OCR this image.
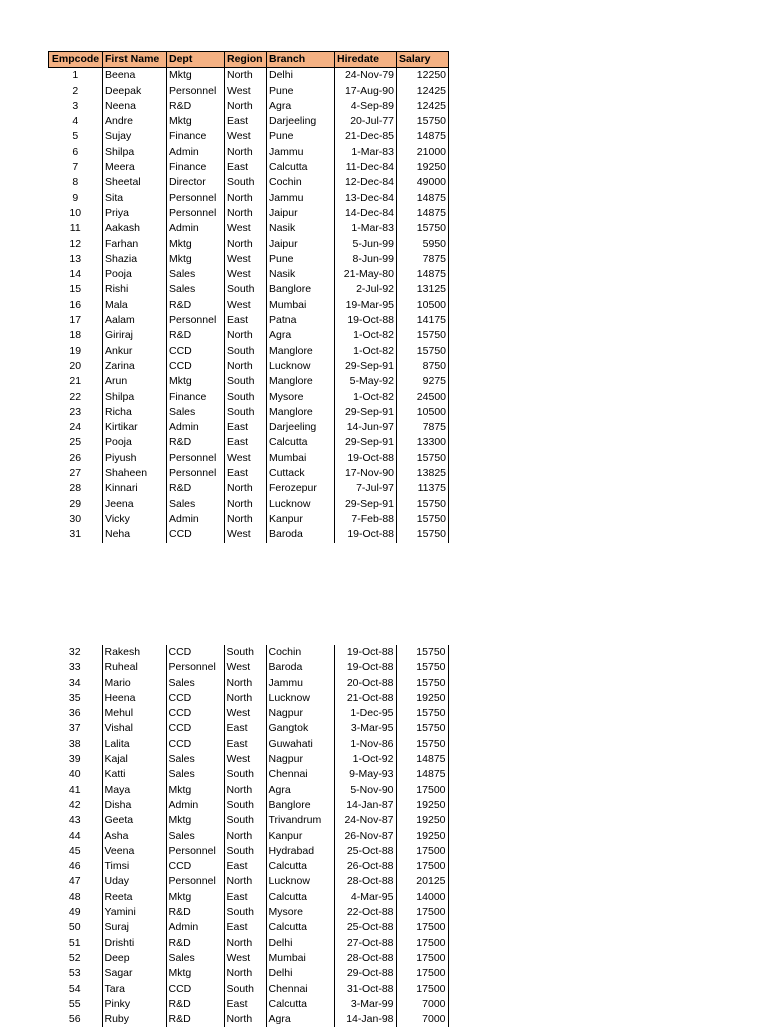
Empcode	First Name	Dept	Region	Branch	Hiredate	Salary
1	Beena	Mktg	North	Delhi	24-Nov-79	12250
2	Deepak	Personnel	West	Pune	17-Aug-90	12425
3	Neena	R&D	North	Agra	4-Sep-89	12425
4	Andre	Mktg	East	Darjeeling	20-Jul-77	15750
5	Sujay	Finance	West	Pune	21-Dec-85	14875
6	Shilpa	Admin	North	Jammu	1-Mar-83	21000
7	Meera	Finance	East	Calcutta	11-Dec-84	19250
8	Sheetal	Director	South	Cochin	12-Dec-84	49000
9	Sita	Personnel	North	Jammu	13-Dec-84	14875
10	Priya	Personnel	North	Jaipur	14-Dec-84	14875
11	Aakash	Admin	West	Nasik	1-Mar-83	15750
12	Farhan	Mktg	North	Jaipur	5-Jun-99	5950
13	Shazia	Mktg	West	Pune	8-Jun-99	7875
14	Pooja	Sales	West	Nasik	21-May-80	14875
15	Rishi	Sales	South	Banglore	2-Jul-92	13125
16	Mala	R&D	West	Mumbai	19-Mar-95	10500
17	Aalam	Personnel	East	Patna	19-Oct-88	14175
18	Giriraj	R&D	North	Agra	1-Oct-82	15750
19	Ankur	CCD	South	Manglore	1-Oct-82	15750
20	Zarina	CCD	North	Lucknow	29-Sep-91	8750
21	Arun	Mktg	South	Manglore	5-May-92	9275
22	Shilpa	Finance	South	Mysore	1-Oct-82	24500
23	Richa	Sales	South	Manglore	29-Sep-91	10500
24	Kirtikar	Admin	East	Darjeeling	14-Jun-97	7875
25	Pooja	R&D	East	Calcutta	29-Sep-91	13300
26	Piyush	Personnel	West	Mumbai	19-Oct-88	15750
27	Shaheen	Personnel	East	Cuttack	17-Nov-90	13825
28	Kinnari	R&D	North	Ferozepur	7-Jul-97	11375
29	Jeena	Sales	North	Lucknow	29-Sep-91	15750
30	Vicky	Admin	North	Kanpur	7-Feb-88	15750
31	Neha	CCD	West	Baroda	19-Oct-88	15750
32	Rakesh	CCD	South	Cochin	19-Oct-88	15750
33	Ruheal	Personnel	West	Baroda	19-Oct-88	15750
34	Mario	Sales	North	Jammu	20-Oct-88	15750
35	Heena	CCD	North	Lucknow	21-Oct-88	19250
36	Mehul	CCD	West	Nagpur	1-Dec-95	15750
37	Vishal	CCD	East	Gangtok	3-Mar-95	15750
38	Lalita	CCD	East	Guwahati	1-Nov-86	15750
39	Kajal	Sales	West	Nagpur	1-Oct-92	14875
40	Katti	Sales	South	Chennai	9-May-93	14875
41	Maya	Mktg	North	Agra	5-Nov-90	17500
42	Disha	Admin	South	Banglore	14-Jan-87	19250
43	Geeta	Mktg	South	Trivandrum	24-Nov-87	19250
44	Asha	Sales	North	Kanpur	26-Nov-87	19250
45	Veena	Personnel	South	Hydrabad	25-Oct-88	17500
46	Timsi	CCD	East	Calcutta	26-Oct-88	17500
47	Uday	Personnel	North	Lucknow	28-Oct-88	20125
48	Reeta	Mktg	East	Calcutta	4-Mar-95	14000
49	Yamini	R&D	South	Mysore	22-Oct-88	17500
50	Suraj	Admin	East	Calcutta	25-Oct-88	17500
51	Drishti	R&D	North	Delhi	27-Oct-88	17500
52	Deep	Sales	West	Mumbai	28-Oct-88	17500
53	Sagar	Mktg	North	Delhi	29-Oct-88	17500
54	Tara	CCD	South	Chennai	31-Oct-88	17500
55	Pinky	R&D	East	Calcutta	3-Mar-99	7000
56	Ruby	R&D	North	Agra	14-Jan-98	7000
